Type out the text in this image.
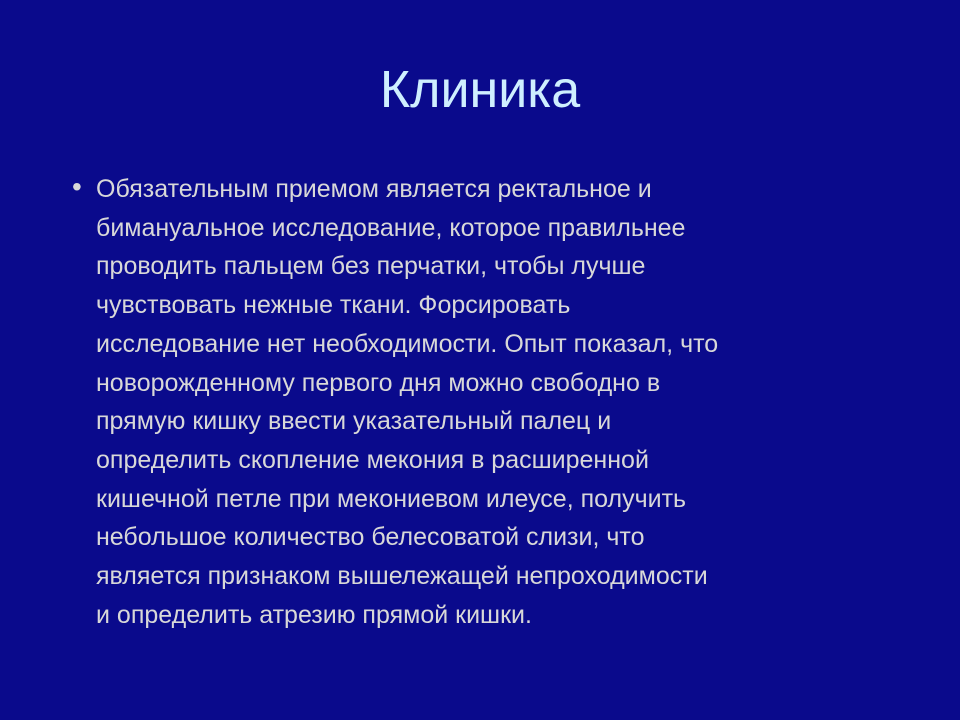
Клиника
• Обязательным приемом является ректальное и
бимануальное исследование, которое правильнее
проводить пальцем без перчатки, чтобы лучше
чувствовать нежные ткани. Форсировать
исследование нет необходимости. Опыт показал, что
новорожденному первого дня можно свободно в
прямую кишку ввести указательный палец и
определить скопление мекония в расширенной
кишечной петле при мекониевом илеусе, получить
небольшое количество белесоватой слизи, что
является признаком вышележащей непроходимости
и определить атрезию прямой кишки.
